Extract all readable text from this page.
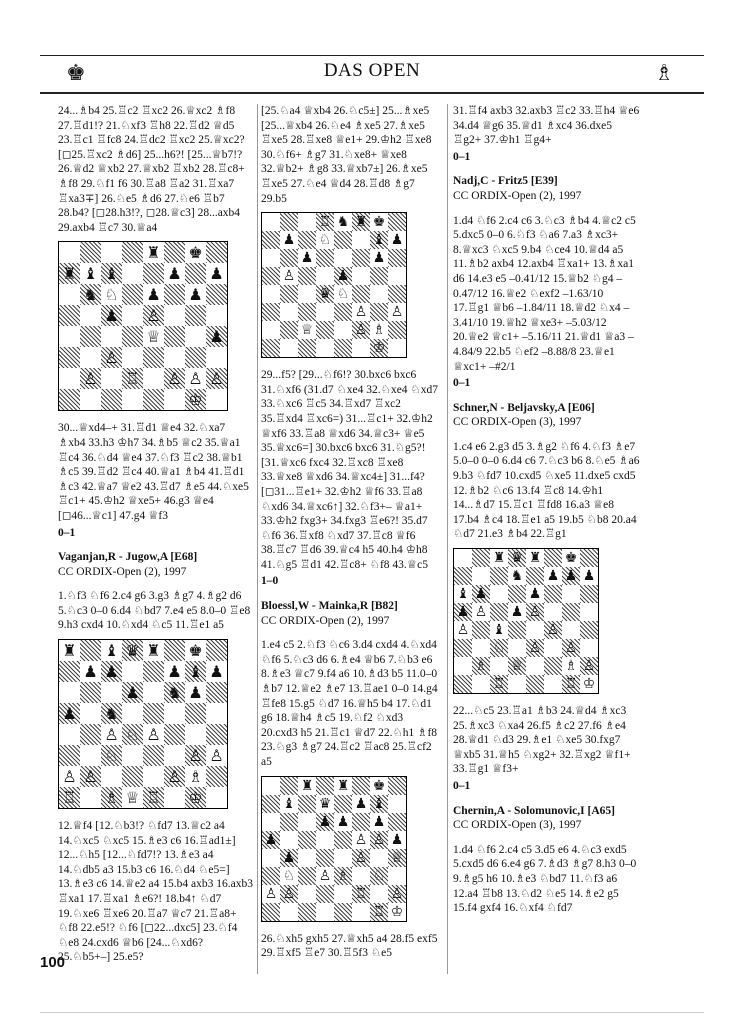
♚	DAS OPEN	♗

24...♗b4 25.♖c2 ♖xc2 26.♕xc2 ♗f8 27.♖d1!? 21.♘xf3 ♖h8 22.♖d2 ♕d5 23.♖c1 ♖fc8 24.♖dc2 ♖xc2 25.♕xc2? [◻25.♖xc2 ♗d6] 25...h6?! [25...♕b7!? 26.♕d2 ♕xb2 27.♕xb2 ♖xb2 28.♖c8+ ♗f8 29.♘f1 f6 30.♖a8 ♖a2 31.♖xa7 ♖xa3∓] 26.♘e5 ♗d6 27.♘e6 ♖b7 28.b4? [◻28.h3!?, ◻28.♕c3] 28...axb4 29.axb4 ♖c7 30.♕a4

♜ ♚
♜ ♝ ♝	♟ ♟
♞ ♘ ♟ ♟
♟ ♙
♕	♟
♙
♙ ♖ ♙ ♙ ♙
♔

30...♕xd4–+ 31.♖d1 ♕e4 32.♘xa7 ♗xb4 33.h3 ♔h7 34.♗b5 ♕c2 35.♕a1 ♖c4 36.♘d4 ♕e4 37.♘f3 ♖c2 38.♕b1 ♗c5 39.♖d2 ♖c4 40.♕a1 ♗b4 41.♖d1 ♗c3 42.♕a7 ♕e2 43.♖d7 ♗e5 44.♘xe5 ♖c1+ 45.♔h2 ♕xe5+ 46.g3 ♕e4 [◻46...♕c1] 47.g4 ♕f3

0–1

Vaganjan,R - Jugow,A [E68]

CC ORDIX-Open (2), 1997

1.♘f3 ♘f6 2.c4 g6 3.g3 ♗g7 4.♗g2 d6 5.♘c3 0–0 6.d4 ♘bd7 7.e4 e5 8.0–0 ♖e8 9.h3 cxd4 10.♘xd4 ♘c5 11.♖e1 a5

♜ ♝ ♛ ♜ ♚
♟ ♟	♟ ♝ ♟
♟ ♞ ♟
♟ ♞
♙ ♘ ♙
♘	♙ ♙
♙ ♙	♙ ♗
♖ ♗ ♕ ♖ ♔

12.♕f4 [12.♘b3!? ♘fd7 13.♕c2 a4 14.♘xc5 ♘xc5 15.♗e3 c6 16.♖ad1±] 12...♘h5 [12...♘fd7!? 13.♗e3 a4 14.♘db5 a3 15.b3 c6 16.♘d4 ♘e5=] 13.♗e3 c6 14.♕e2 a4 15.b4 axb3 16.axb3 ♖xa1 17.♖xa1 ♗e6?! 18.b4↑ ♘d7 19.♘xe6 ♖xe6 20.♖a7 ♕c7 21.♖a8+ ♘f8 22.e5!? ♘f6 [◻22...dxc5] 23.♘f4 ♘e8 24.cxd6 ♕b6 [24...♘xd6? 25.♘b5+–] 25.e5?

[25.♘a4 ♕xb4 26.♘c5±] 25...♗xe5 [25...♕xb4 26.♘e4 ♗xe5 27.♗xe5 ♖xe5 28.♖xe8 ♕e1+ 29.♔h2 ♖xe8 30.♘f6+ ♗g7 31.♘xe8+ ♕xe8 32.♕b2+ ♗g8 33.♕xb7±] 26.♗xe5 ♖xe5 27.♘e4 ♕d4 28.♖d8 ♗g7 29.b5

♖ ♞ ♜ ♚
♟ ♘	♝ ♟
♟	♟
♙	♟
♛ ♘
♙ ♙
♕	♙ ♗
♔

29...f5? [29...♘f6!? 30.bxc6 bxc6 31.♘xf6 (31.d7 ♘xe4 32.♘xe4 ♘xd7 33.♘xc6 ♖c5 34.♖xd7 ♖xc2 35.♖xd4 ♖xc6=) 31...♖c1+ 32.♔h2 ♕xf6 33.♖a8 ♕xd6 34.♕c3+ ♕e5 35.♕xc6=] 30.bxc6 bxc6 31.♘g5?! [31.♕xc6 fxc4 32.♖xc8 ♖xe8 33.♕xe8 ♕xd6 34.♕xc4±] 31...f4? [◻31...♖e1+ 32.♔h2 ♕f6 33.♖a8 ♘xd6 34.♕xc6↑] 32.♘f3+– ♕a1+ 33.♔h2 fxg3+ 34.fxg3 ♖e6?! 35.d7 ♘f6 36.♖xf8 ♘xd7 37.♖c8 ♕f6 38.♖c7 ♖d6 39.♕c4 h5 40.h4 ♔h8 41.♘g5 ♖d1 42.♖c8+ ♘f8 43.♕c5

1–0

Bloessl,W - Mainka,R [B82]

CC ORDIX-Open (2), 1997

1.e4 c5 2.♘f3 ♘c6 3.d4 cxd4 4.♘xd4 ♘f6 5.♘c3 d6 6.♗e4 ♕b6 7.♘b3 e6 8.♗e3 ♕c7 9.f4 a6 10.♗d3 b5 11.0–0 ♗b7 12.♕e2 ♗e7 13.♖ae1 0–0 14.g4 ♖fe8 15.g5 ♘d7 16.♕h5 b4 17.♘d1 g6 18.♕h4 ♗c5 19.♘f2 ♘xd3 20.cxd3 h5 21.♖c1 ♕d7 22.♘h1 ♗f8 23.♘g3 ♗g7 24.♖c2 ♖ac8 25.♖cf2 a5

♜ ♜ ♚
♝ ♛ ♟ ♝
♟ ♟ ♟
♟	♙ ♙ ♟
♟	♙ ♕
♘ ♙ ♗ ♘
♙ ♙	♖ ♙
♖ ♔

26.♘xh5 gxh5 27.♕xh5 a4 28.f5 exf5 29.♖xf5 ♖e7 30.♖5f3 ♘e5

31.♖f4 axb3 32.axb3 ♖c2 33.♖h4 ♕e6 34.d4 ♕g6 35.♕d1 ♗xc4 36.dxe5 ♖g2+ 37.♔h1 ♖g4+

0–1

Nadj,C - Fritz5 [E39]

CC ORDIX-Open (2), 1997

1.d4 ♘f6 2.c4 c6 3.♘c3 ♗b4 4.♕c2 c5 5.dxc5 0–0 6.♘f3 ♘a6 7.a3 ♗xc3+ 8.♕xc3 ♘xc5 9.b4 ♘ce4 10.♕d4 a5 11.♗b2 axb4 12.axb4 ♖xa1+ 13.♗xa1 d6 14.e3 e5 –0.41/12 15.♕b2 ♘g4 –0.47/12 16.♕e2 ♘exf2 –1.63/10 17.♖g1 ♕b6 –1.84/11 18.♕d2 ♘x4 –3.41/10 19.♕h2 ♕xe3+ –5.03/12 20.♕e2 ♕c1+ –5.16/11 21.♕d1 ♕a3 –4.84/9 22.b5 ♘ef2 –8.88/8 23.♕e1 ♕xc1+ –#2/1

0–1

Schner,N - Beljavsky,A [E06]

CC ORDIX-Open (3), 1997

1.c4 e6 2.g3 d5 3.♗g2 ♘f6 4.♘f3 ♗e7 5.0–0 0–0 6.d4 c6 7.♘c3 b6 8.♘e5 ♗a6 9.b3 ♘fd7 10.cxd5 ♘xe5 11.dxe5 cxd5 12.♗b2 ♘c6 13.f4 ♖c8 14.♔h1 14...♗d7 15.♖c1 ♖fd8 16.a3 ♕e8 17.b4 ♗c4 18.♖e1 a5 19.b5 ♘b8 20.a4 ♘d7 21.e3 ♗b4 22.♖g1

♜ ♛ ♜ ♚
♞ ♟ ♟ ♟
♝ ♟	♟
♟ ♙ ♟ ♙
♙ ♝	♙
♘ ♙ ♙
♗ ♕	♗ ♙
♖	♖ ♔

22...♘c5 23.♖a1 ♗b3 24.♕d4 ♗xc3 25.♗xc3 ♘xa4 26.f5 ♗c2 27.f6 ♗e4 28.♕d1 ♘d3 29.♗e1 ♘xe5 30.fxg7 ♕xb5 31.♕h5 ♘xg2+ 32.♖xg2 ♕f1+ 33.♖g1 ♕f3+

0–1

Chernin,A - Solomunovic,I [A65]

CC ORDIX-Open (3), 1997

1.d4 ♘f6 2.c4 c5 3.d5 e6 4.♘c3 exd5 5.cxd5 d6 6.e4 g6 7.♗d3 ♗g7 8.h3 0–0 9.♗g5 h6 10.♗e3 ♘bd7 11.♘f3 a6 12.a4 ♖b8 13.♘d2 ♘e5 14.♗e2 g5 15.f4 gxf4 16.♘xf4 ♘fd7

100
